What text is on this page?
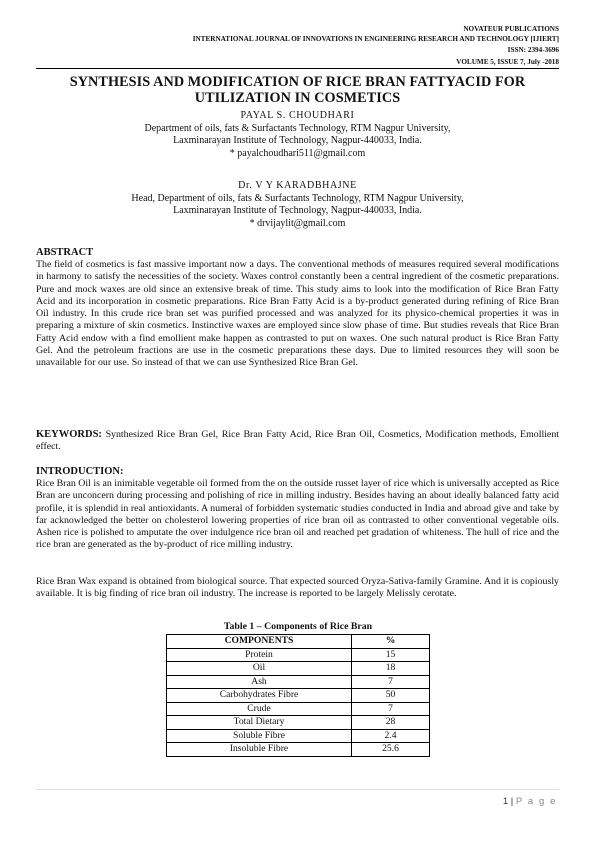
NOVATEUR PUBLICATIONS
INTERNATIONAL JOURNAL OF INNOVATIONS IN ENGINEERING RESEARCH AND TECHNOLOGY [IJIERT]
ISSN: 2394-3696
VOLUME 5, ISSUE 7, July -2018
SYNTHESIS AND MODIFICATION OF RICE BRAN FATTYACID FOR
UTILIZATION IN COSMETICS
PAYAL S. CHOUDHARI
Department of oils, fats & Surfactants Technology, RTM Nagpur University,
Laxminarayan Institute of Technology, Nagpur-440033, India.
* payalchoudhari511@gmail.com
Dr. V Y KARADBHAJNE
Head, Department of oils, fats & Surfactants Technology, RTM Nagpur University,
Laxminarayan Institute of Technology, Nagpur-440033, India.
* drvijaylit@gmail.com
ABSTRACT
The field of cosmetics is fast massive important now a days. The conventional methods of measures required several modifications in harmony to satisfy the necessities of the society. Waxes control constantly been a central ingredient of the cosmetic preparations. Pure and mock waxes are old since an extensive break of time. This study aims to look into the modification of Rice Bran Fatty Acid and its incorporation in cosmetic preparations. Rice Bran Fatty Acid is a by-product generated during refining of Rice Bran Oil industry. In this crude rice bran set was purified processed and was analyzed for its physico-chemical properties it was in preparing a mixture of skin cosmetics. Instinctive waxes are employed since slow phase of time. But studies reveals that Rice Bran Fatty Acid endow with a find emollient make happen as contrasted to put on waxes. One such natural product is Rice Bran Fatty Gel. And the petroleum fractions are use in the cosmetic preparations these days. Due to limited resources they will soon be unavailable for our use. So instead of that we can use Synthesized Rice Bran Gel.
KEYWORDS: Synthesized Rice Bran Gel, Rice Bran Fatty Acid, Rice Bran Oil, Cosmetics, Modification methods, Emollient effect.
INTRODUCTION:
Rice Bran Oil is an inimitable vegetable oil formed from the on the outside russet layer of rice which is universally accepted as Rice Bran are unconcern during processing and polishing of rice in milling industry. Besides having an about ideally balanced fatty acid profile, it is splendid in real antioxidants. A numeral of forbidden systematic studies conducted in India and abroad give and take by far acknowledged the better on cholesterol lowering properties of rice bran oil as contrasted to other conventional vegetable oils. Ashen rice is polished to amputate the over indulgence rice bran oil and reached pet gradation of whiteness. The hull of rice and the rice bran are generated as the by-product of rice milling industry.
Rice Bran Wax expand is obtained from biological source. That expected sourced Oryza-Sativa-family Gramine. And it is copiously available. It is big finding of rice bran oil industry. The increase is reported to be largely Melissly cerotate.
Table 1 – Components of Rice Bran
COMPONENTS	%
Protein	15
Oil	18
Ash	7
Carbohydrates Fibre	50
Crude	7
Total Dietary	28
Soluble Fibre	2.4
Insoluble Fibre	25.6
1 | P a g e
